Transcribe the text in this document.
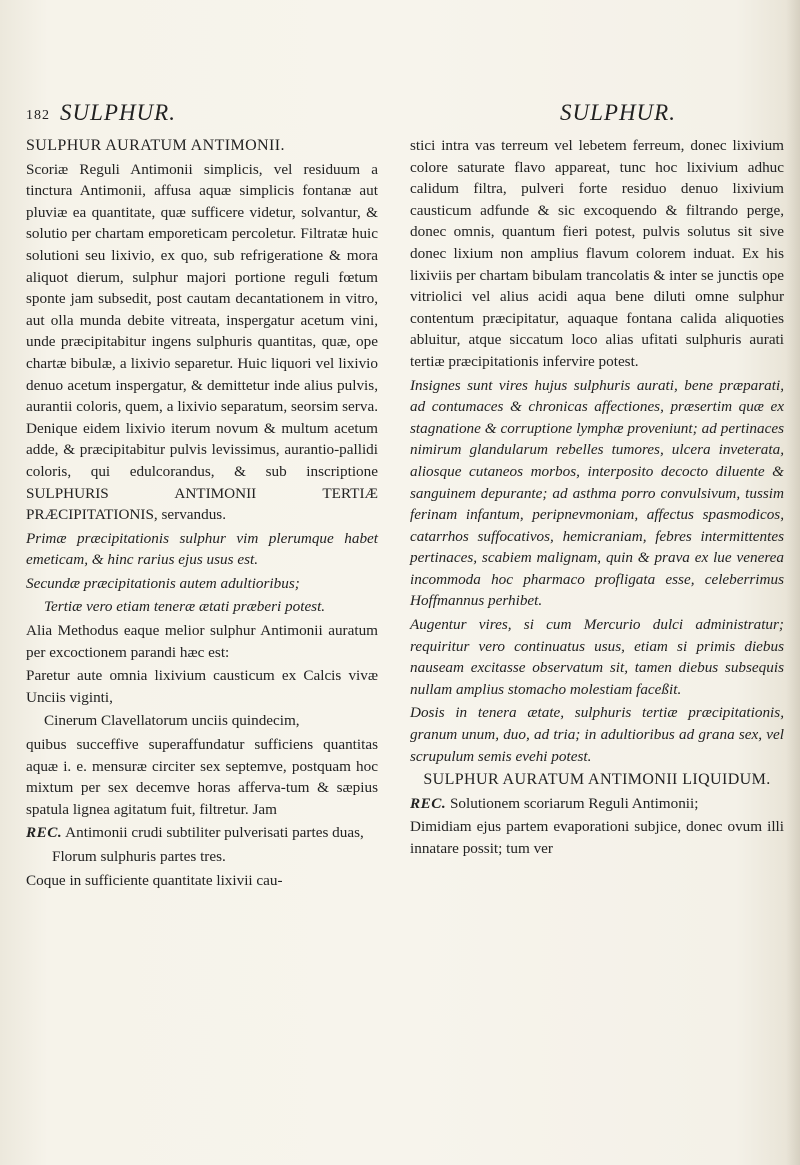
182 SULPHUR.	SULPHUR.

SULPHUR AURATUM ANTIMONII.

Scoriæ Reguli Antimonii simplicis, vel residuum a tinctura Antimonii, affusa aquæ simplicis fontanæ aut pluviæ ea quantitate, quæ sufficere videtur, solvantur, & solutio per chartam emporeticam percoletur. Filtratæ huic solutioni seu lixivio, ex quo, sub refrigeratione & mora aliquot dierum, sulphur majori portione reguli fœtum sponte jam subsedit, post cautam decantationem in vitro, aut olla munda debite vitreata, inspergatur acetum vini, unde præcipitabitur ingens sulphuris quantitas, quæ, ope chartæ bibulæ, a lixivio separetur. Huic liquori vel lixivio denuo acetum inspergatur, & demittetur inde alius pulvis, aurantii coloris, quem, a lixivio separatum, seorsim serva. Denique eidem lixivio iterum novum & multum acetum adde, & præcipitabitur pulvis levissimus, aurantio-pallidi coloris, qui edulcorandus, & sub inscriptione SULPHURIS ANTIMONII TERTIÆ PRÆCIPITATIONIS, servandus.

Primæ præcipitationis sulphur vim plerumque habet emeticam, & hinc rarius ejus usus est.

Secundæ præcipitationis autem adultioribus;

Tertiæ vero etiam teneræ ætati præberi potest.

Alia Methodus eaque melior sulphur Antimonii auratum per excoctionem parandi hæc est:

Paretur aute omnia lixivium causticum ex Calcis vivæ Unciis viginti,

Cinerum Clavellatorum unciis quindecim,

quibus succeffive superaffundatur sufficiens quantitas aquæ i. e. mensuræ circiter sex septemve, postquam hoc mixtum per sex decemve horas afferva-tum & sæpius spatula lignea agitatum fuit, filtretur. Jam

REC. Antimonii crudi subtiliter pulverisati partes duas,

Florum sulphuris partes tres.

Coque in sufficiente quantitate lixivii cau-

stici intra vas terreum vel lebetem ferreum, donec lixivium colore saturate flavo appareat, tunc hoc lixivium adhuc calidum filtra, pulveri forte residuo denuo lixivium causticum adfunde & sic excoquendo & filtrando perge, donec omnis, quantum fieri potest, pulvis solutus sit sive donec lixium non amplius flavum colorem induat. Ex his lixiviis per chartam bibulam trancolatis & inter se junctis ope vitriolici vel alius acidi aqua bene diluti omne sulphur contentum præcipitatur, aquaque fontana calida aliquoties abluitur, atque siccatum loco alias ufitati sulphuris aurati tertiæ præcipitationis infervire potest.

Insignes sunt vires hujus sulphuris aurati, bene præparati, ad contumaces & chronicas affectiones, præsertim quæ ex stagnatione & corruptione lymphæ proveniunt; ad pertinaces nimirum glandularum rebelles tumores, ulcera inveterata, aliosque cutaneos morbos, interposito decocto diluente & sanguinem depurante; ad asthma porro convulsivum, tussim ferinam infantum, peripnevmoniam, affectus spasmodicos, catarrhos suffocativos, hemicraniam, febres intermittentes pertinaces, scabiem malignam, quin & prava ex lue venerea incommoda hoc pharmaco profligata esse, celeberrimus Hoffmannus perhibet.

Augentur vires, si cum Mercurio dulci administratur; requiritur vero continuatus usus, etiam si primis diebus nauseam excitasse observatum sit, tamen diebus subsequis nullam amplius stomacho molestiam faceßit.

Dosis in tenera ætate, sulphuris tertiæ præcipitationis, granum unum, duo, ad tria; in adultioribus ad grana sex, vel scrupulum semis evehi potest.

SULPHUR AURATUM ANTIMONII LIQUIDUM.

REC. Solutionem scoriarum Reguli Antimonii;

Dimidiam ejus partem evaporationi subjice, donec ovum illi innatare possit; tum ver
